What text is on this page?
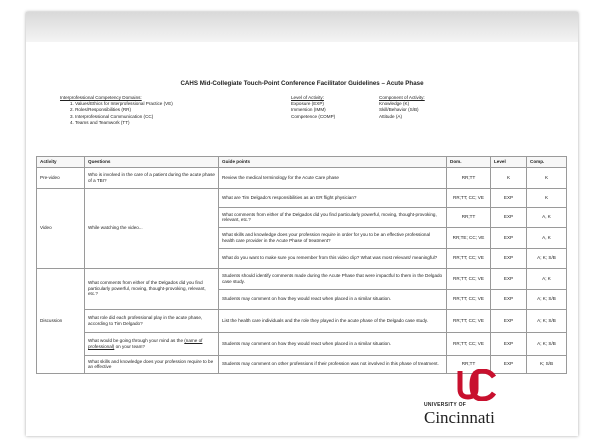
CAHS Mid-Collegiate Touch-Point Conference Facilitator Guidelines – Acute Phase
Interprofessional Competency Domains:
1. Values/Ethics for Interprofessional Practice (VE)
2. Roles/Responsibilities (RR)
3. Interprofessional Communication (CC)
4. Teams and Teamwork (TT)
Level of Activity:
Exposure (EXP)
Immersion (IMM)
Competence (COMP)
Component of Activity:
Knowledge (K)
Skill/Behavior (S/B)
Attitude (A)
Activity	Questions	Guide points	Dom.	Level	Comp.
Pre-video	Who is involved in the care of a patient during the acute phase of a TBI?	Review the medical terminology for the Acute Care phase	RR;TT	K	K
Video	While watching the video...	What are Tim Delgado’s responsibilities as an ER flight physician?	RR;TT; CC; VE	EXP	K
		What comments from either of the Delgados did you find particularly powerful, moving, thought-provoking, relevant, etc.?	RR;TT	EXP	A, K
		What skills and knowledge does your profession require in order for you to be an effective professional health care provider in the Acute Phase of treatment?	RR;TE; CC; VE	EXP	A, K
		What do you want to make sure you remember from this video clip? What was most relevant/ meaningful?	RR;TT; CC; VE	EXP	A; K; S/B
Discussion	What comments from either of the Delgados did you find particularly powerful, moving, thought-provoking, relevant, etc.?	Students should identify comments made during the Acute Phase that were impactful to them in the Delgado case study.	RR;TT; CC; VE	EXP	A; K
		Students may comment on how they would react when placed in a similar situation.	RR;TT; CC; VE	EXP	A; K; S/B
	What role did each professional play in the acute phase, according to Tim Delgado?	List the health care individuals and the role they played in the acute phase of the Delgado case study.	RR;TT; CC; VE	EXP	A; K; S/B
	What would be going through your mind as the (name of professional) on your team?	Students may comment on how they would react when placed in a similar situation.	RR;TT; CC; VE	EXP	A; K; S/B
	What skills and knowledge does your profession require to be an effective	Students may comment on other professions if their profession was not involved in this phase of treatment.	RR;TT	EXP	K; S/B
UNIVERSITY OF
Cincinnati
